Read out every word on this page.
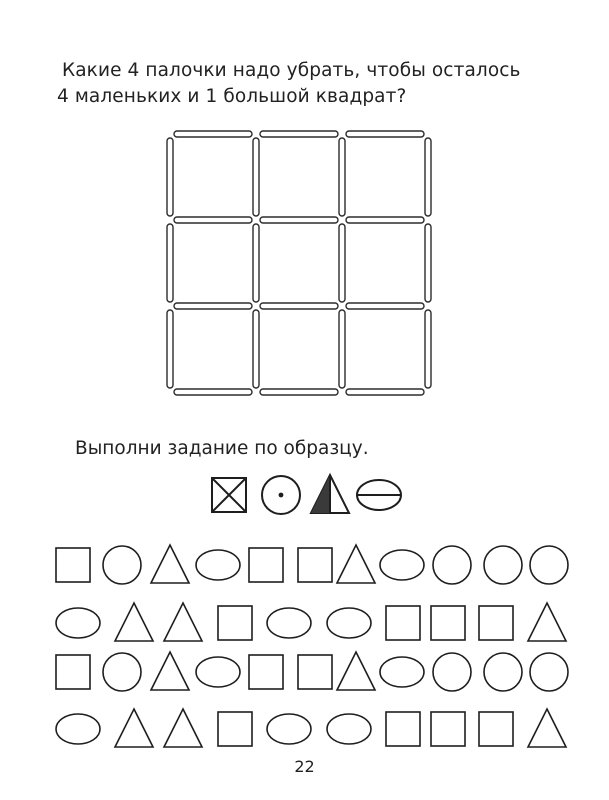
Какие 4 палочки надо убрать, чтобы осталось
4 маленьких и 1 большой квадрат?
Выполни задание по образцу.
22
